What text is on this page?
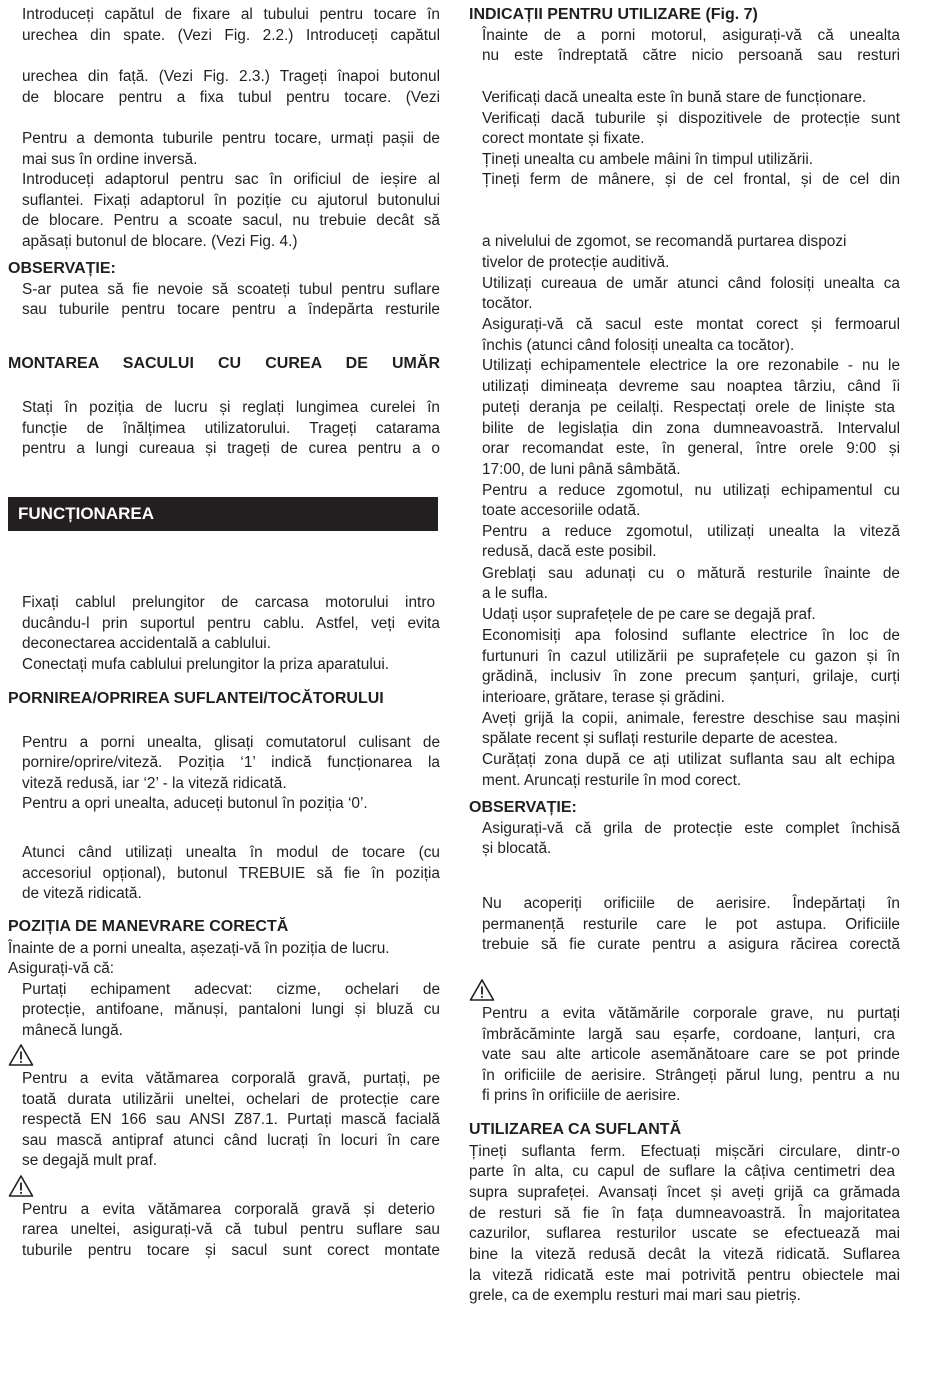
Introduceți capătul de fixare al tubului pentru tocare în
urechea din spate. (Vezi Fig. 2.2.) Introduceți capătul
urechea din față. (Vezi Fig. 2.3.) Trageți înapoi butonul
de blocare pentru a fixa tubul pentru tocare. (Vezi
Pentru a demonta tuburile pentru tocare, urmați pașii de
mai sus în ordine inversă.
Introduceți adaptorul pentru sac în orificiul de ieșire al
suflantei. Fixați adaptorul în poziție cu ajutorul butonului
de blocare. Pentru a scoate sacul, nu trebuie decât să
apăsați butonul de blocare. (Vezi Fig. 4.)
OBSERVAȚIE:
S-ar putea să fie nevoie să scoateți tubul pentru suflare
sau tuburile pentru tocare pentru a îndepărta resturile
MONTAREA SACULUI CU CUREA DE UMĂR
Stați în poziția de lucru și reglați lungimea curelei în
funcție de înălțimea utilizatorului. Trageți catarama
pentru a lungi cureaua și trageți de curea pentru a o
FUNCȚIONAREA
Fixați cablul prelungitor de carcasa motorului intro
ducându-l prin suportul pentru cablu. Astfel, veți evita
deconectarea accidentală a cablului.
Conectați mufa cablului prelungitor la priza aparatului.
PORNIREA/OPRIREA SUFLANTEI/TOCĂTORULUI
Pentru a porni unealta, glisați comutatorul culisant de
pornire/oprire/viteză. Poziția ‘1’ indică funcționarea la
viteză redusă, iar ‘2’ - la viteză ridicată.
Pentru a opri unealta, aduceți butonul în poziția ‘0’.
Atunci când utilizați unealta în modul de tocare (cu
accesoriul opțional), butonul TREBUIE să fie în poziția
de viteză ridicată.
POZIȚIA DE MANEVRARE CORECTĂ
Înainte de a porni unealta, așezați-vă în poziția de lucru.
Asigurați-vă că:
Purtați echipament adecvat: cizme, ochelari de
protecție, antifoane, mănuși, pantaloni lungi și bluză cu
mânecă lungă.
Pentru a evita vătămarea corporală gravă, purtați, pe
toată durata utilizării uneltei, ochelari de protecție care
respectă EN 166 sau ANSI Z87.1. Purtați mască facială
sau mască antipraf atunci când lucrați în locuri în care
se degajă mult praf.
Pentru a evita vătămarea corporală gravă și deterio
rarea uneltei, asigurați-vă că tubul pentru suflare sau
tuburile pentru tocare și sacul sunt corect montate
INDICAȚII PENTRU UTILIZARE (Fig. 7)
Înainte de a porni motorul, asigurați-vă că unealta
nu este îndreptată către nicio persoană sau resturi
Verificați dacă unealta este în bună stare de funcționare.
Verificați dacă tuburile și dispozitivele de protecție sunt
corect montate și fixate.
Țineți unealta cu ambele mâini în timpul utilizării.
Țineți ferm de mânere, și de cel frontal, și de cel din
a nivelului de zgomot, se recomandă purtarea dispozi
tivelor de protecție auditivă.
Utilizați cureaua de umăr atunci când folosiți unealta ca
tocător.
Asigurați-vă că sacul este montat corect și fermoarul
închis (atunci când folosiți unealta ca tocător).
Utilizați echipamentele electrice la ore rezonabile - nu le
utilizați dimineața devreme sau noaptea târziu, când îi
puteți deranja pe ceilalți. Respectați orele de liniște sta
bilite de legislația din zona dumneavoastră. Intervalul
orar recomandat este, în general, între orele 9:00 și
17:00, de luni până sâmbătă.
Pentru a reduce zgomotul, nu utilizați echipamentul cu
toate accesoriile odată.
Pentru a reduce zgomotul, utilizați unealta la viteză
redusă, dacă este posibil.
Greblați sau adunați cu o mătură resturile înainte de
a le sufla.
Udați ușor suprafețele de pe care se degajă praf.
Economisiți apa folosind suflante electrice în loc de
furtunuri în cazul utilizării pe suprafețele cu gazon și în
grădină, inclusiv în zone precum șanțuri, grilaje, curți
interioare, grătare, terase și grădini.
Aveți grijă la copii, animale, ferestre deschise sau mașini
spălate recent și suflați resturile departe de acestea.
Curățați zona după ce ați utilizat suflanta sau alt echipa
ment. Aruncați resturile în mod corect.
OBSERVAȚIE:
Asigurați-vă că grila de protecție este complet închisă
și blocată.
Nu acoperiți orificiile de aerisire. Îndepărtați în
permanență resturile care le pot astupa. Orificiile
trebuie să fie curate pentru a asigura răcirea corectă
Pentru a evita vătămările corporale grave, nu purtați
îmbrăcăminte largă sau eșarfe, cordoane, lanțuri, cra
vate sau alte articole asemănătoare care se pot prinde
în orificiile de aerisire. Strângeți părul lung, pentru a nu
fi prins în orificiile de aerisire.
UTILIZAREA CA SUFLANTĂ
Țineți suflanta ferm. Efectuați mișcări circulare, dintr-o
parte în alta, cu capul de suflare la câțiva centimetri dea
supra suprafeței. Avansați încet și aveți grijă ca grămada
de resturi să fie în fața dumneavoastră. În majoritatea
cazurilor, suflarea resturilor uscate se efectuează mai
bine la viteză redusă decât la viteză ridicată. Suflarea
la viteză ridicată este mai potrivită pentru obiectele mai
grele, ca de exemplu resturi mai mari sau pietriș.
